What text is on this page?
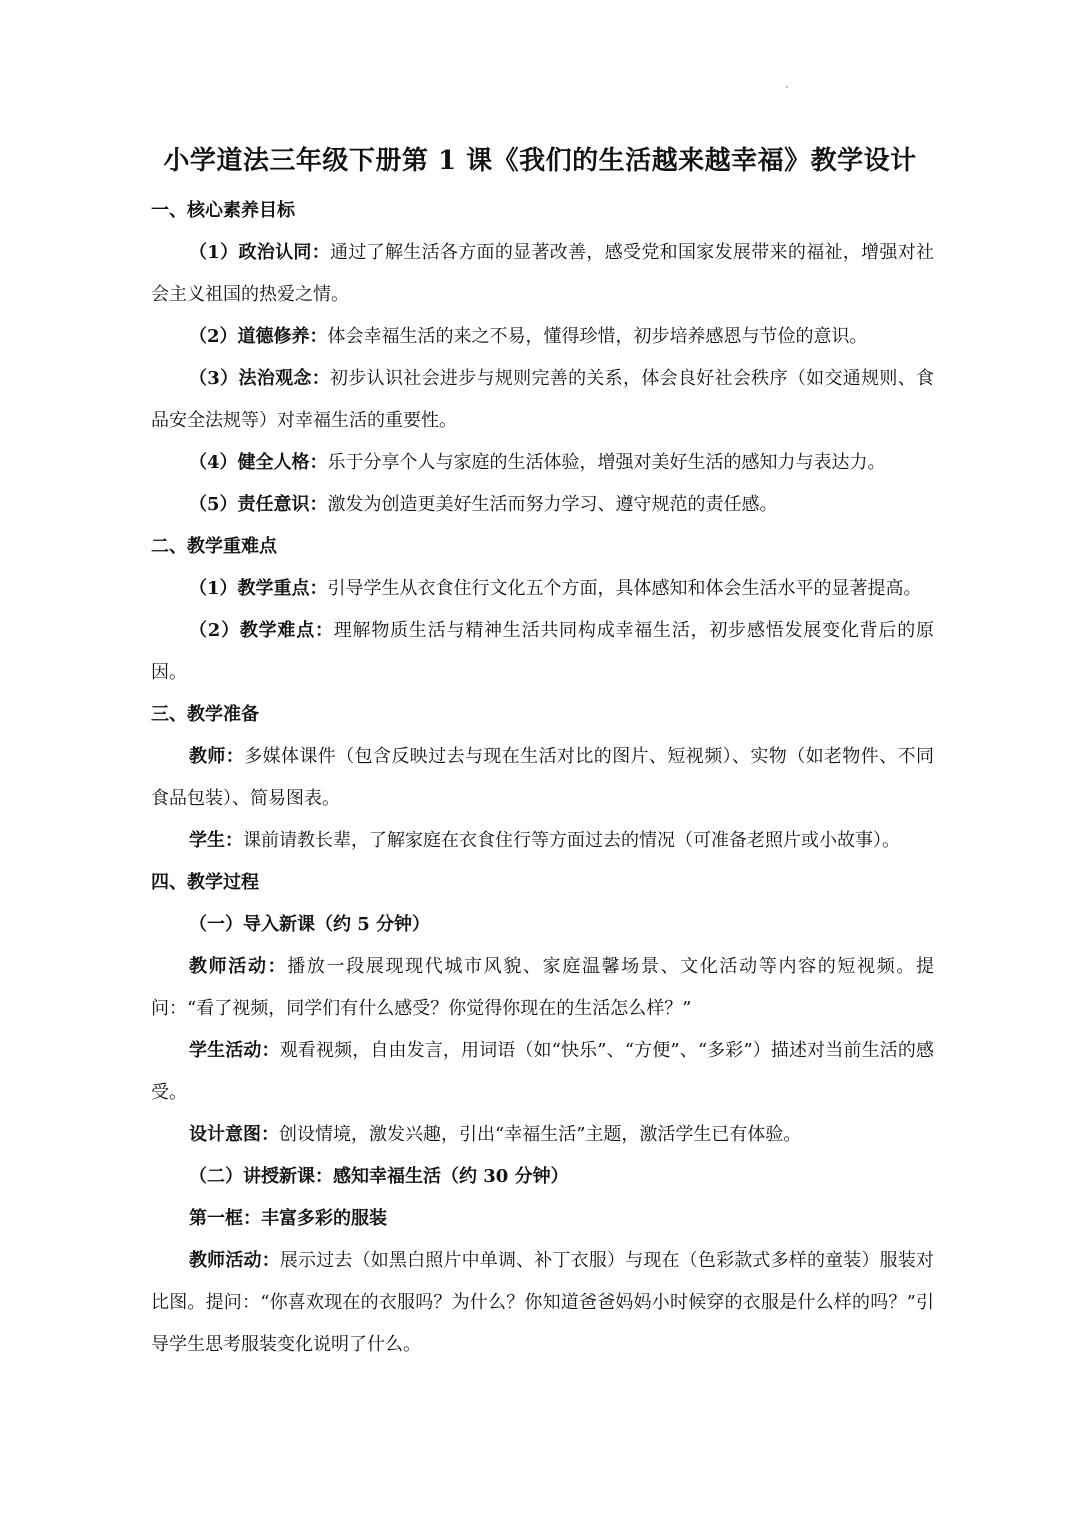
小学道法三年级下册第 1 课《我们的生活越来越幸福》教学设计
一、核心素养目标

（1）政治认同：通过了解生活各方面的显著改善，感受党和国家发展带来的福祉，增强对社会主义祖国的热爱之情。

（2）道德修养：体会幸福生活的来之不易，懂得珍惜，初步培养感恩与节俭的意识。

（3）法治观念：初步认识社会进步与规则完善的关系，体会良好社会秩序（如交通规则、食品安全法规等）对幸福生活的重要性。

（4）健全人格：乐于分享个人与家庭的生活体验，增强对美好生活的感知力与表达力。

（5）责任意识：激发为创造更美好生活而努力学习、遵守规范的责任感。

二、教学重难点

（1）教学重点：引导学生从衣食住行文化五个方面，具体感知和体会生活水平的显著提高。

（2）教学难点：理解物质生活与精神生活共同构成幸福生活，初步感悟发展变化背后的原因。

三、教学准备

教师：多媒体课件（包含反映过去与现在生活对比的图片、短视频）、实物（如老物件、不同食品包装）、简易图表。

学生：课前请教长辈，了解家庭在衣食住行等方面过去的情况（可准备老照片或小故事）。

四、教学过程
（一）导入新课（约 5 分钟）

教师活动：播放一段展现现代城市风貌、家庭温馨场景、文化活动等内容的短视频。提问：“看了视频，同学们有什么感受？你觉得你现在的生活怎么样？”

学生活动：观看视频，自由发言，用词语（如“快乐”、“方便”、“多彩”）描述对当前生活的感受。

设计意图：创设情境，激发兴趣，引出“幸福生活”主题，激活学生已有体验。

（二）讲授新课：感知幸福生活（约 30 分钟）
第一框：丰富多彩的服装

教师活动：展示过去（如黑白照片中单调、补丁衣服）与现在（色彩款式多样的童装）服装对比图。提问：“你喜欢现在的衣服吗？为什么？你知道爸爸妈妈小时候穿的衣服是什么样的吗？”引导学生思考服装变化说明了什么。
